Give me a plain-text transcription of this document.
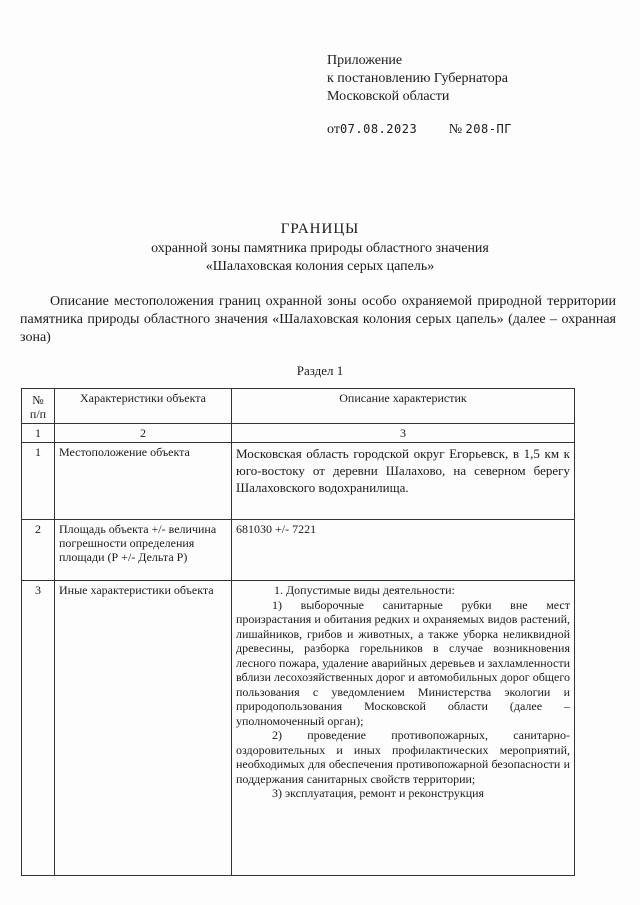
Приложение
к постановлению Губернатора
Московской области
от07.08.2023 № 208-ПГ
ГРАНИЦЫ
охранной зоны памятника природы областного значения
«Шалаховская колония серых цапель»
Описание местоположения границ охранной зоны особо охраняемой природной территории памятника природы областного значения «Шалаховская колония серых цапель» (далее – охранная зона)
Раздел 1
№ п/п	Характеристики объекта	Описание характеристик
1	2	3
1	Местоположение объекта	Московская область городской округ Егорьевск, в 1,5 км к юго-востоку от деревни Шалахово, на северном берегу Шалаховского водохранилища.
2	Площадь объекта +/- величина погрешности определения площади (Р +/- Дельта Р)	681030 +/- 7221
3	Иные характеристики объекта	1. Допустимые виды деятельности:

1) выборочные санитарные рубки вне мест произрастания и обитания редких и охраняемых видов растений, лишайников, грибов и животных, а также уборка неликвидной древесины, разборка горельников в случае возникновения лесного пожара, удаление аварийных деревьев и захламленности вблизи лесохозяйственных дорог и автомобильных дорог общего пользования с уведомлением Министерства экологии и природопользования Московской области (далее – уполномоченный орган);

2) проведение противопожарных, санитарно-оздоровительных и иных профилактических мероприятий, необходимых для обеспечения противопожарной безопасности и поддержания санитарных свойств территории;

3) эксплуатация, ремонт и реконструкция
